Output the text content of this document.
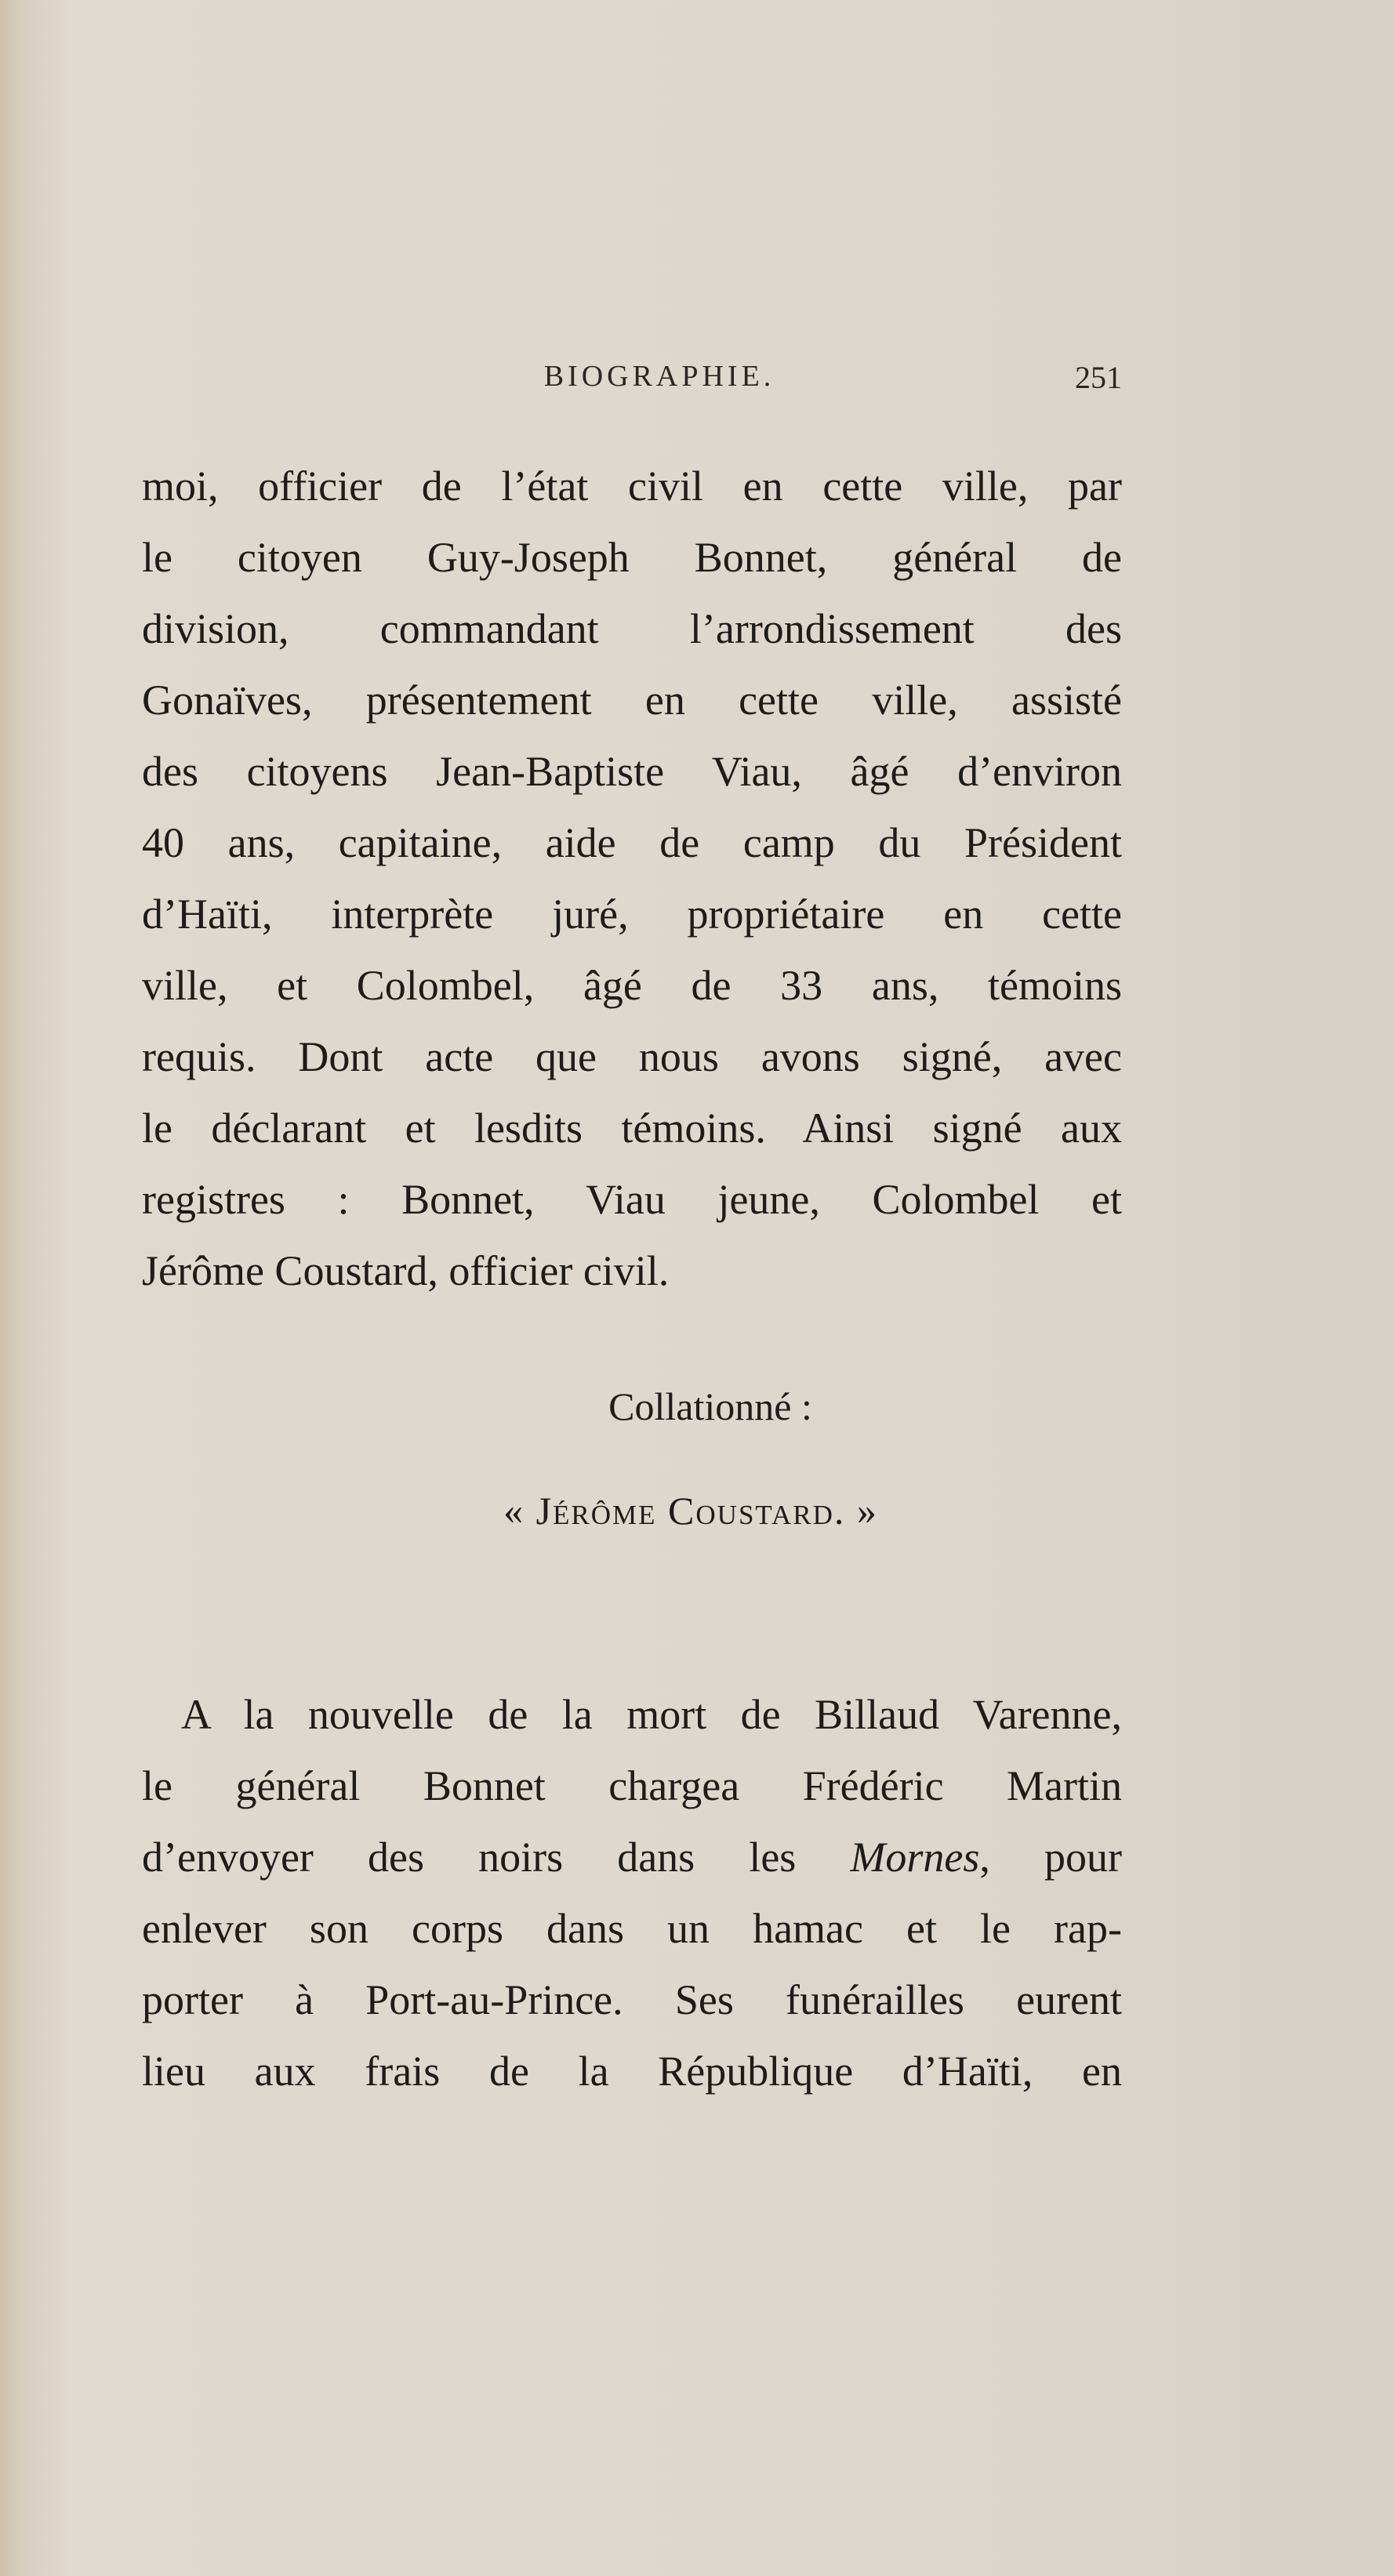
BIOGRAPHIE.	251
moi, officier de l’état civil en cette ville, par
le citoyen Guy-Joseph Bonnet, général de
division, commandant l’arrondissement des
Gonaïves, présentement en cette ville, assisté
des citoyens Jean-Baptiste Viau, âgé d’environ
40 ans, capitaine, aide de camp du Président
d’Haïti, interprète juré, propriétaire en cette
ville, et Colombel, âgé de 33 ans, témoins
requis. Dont acte que nous avons signé, avec
le déclarant et lesdits témoins. Ainsi signé aux
registres : Bonnet, Viau jeune, Colombel et
Jérôme Coustard, officier civil.
Collationné :
« Jérôme Coustard. »
A la nouvelle de la mort de Billaud Varenne,
le général Bonnet chargea Frédéric Martin
d’envoyer des noirs dans les Mornes, pour
enlever son corps dans un hamac et le rap-
porter à Port-au-Prince. Ses funérailles eurent
lieu aux frais de la République d’Haïti, en
